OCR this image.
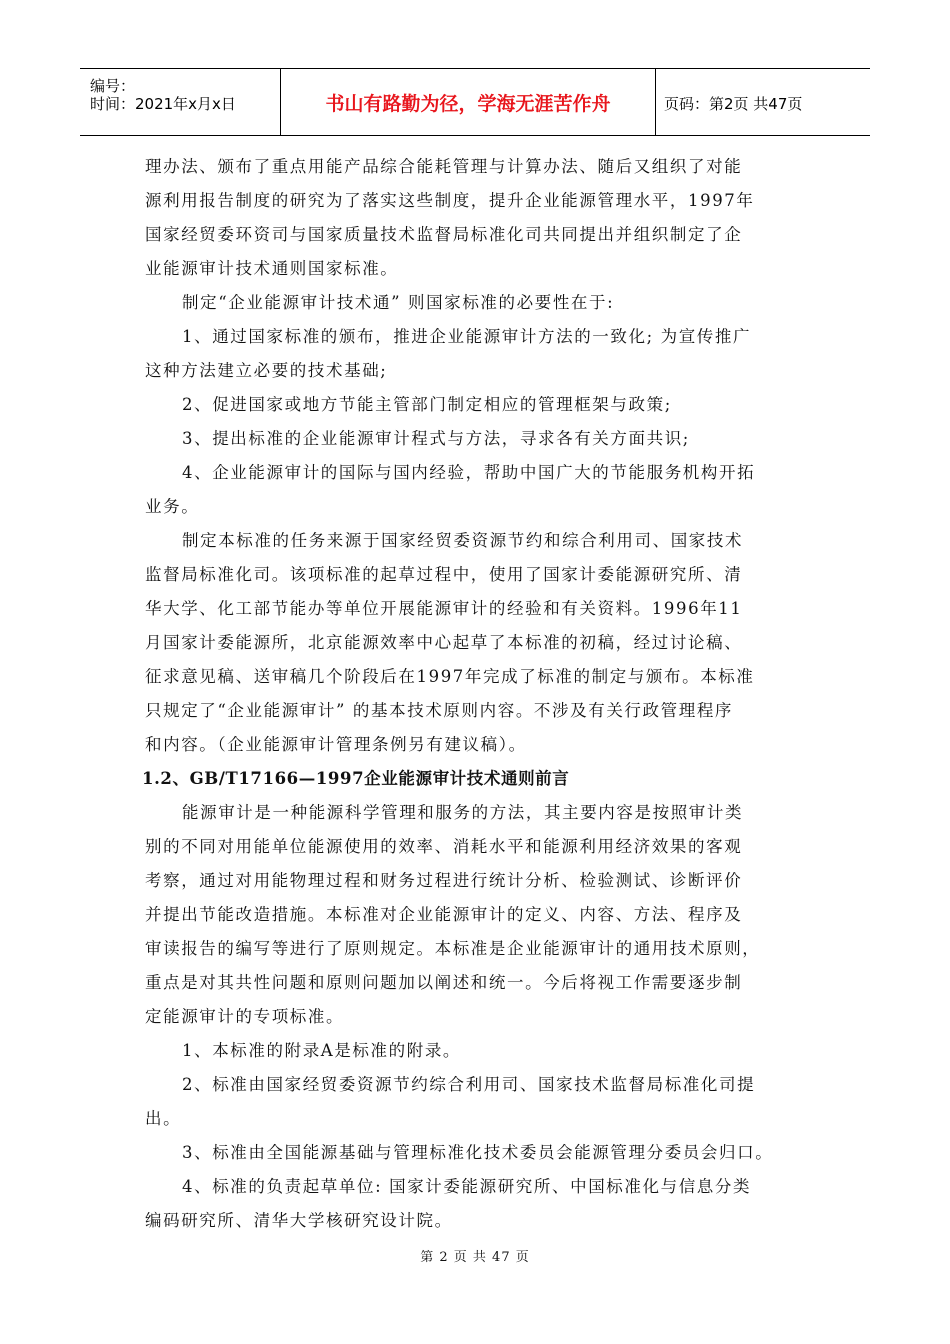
编号：
时间：2021年x月x日	书山有路勤为径，学海无涯苦作舟	页码：第2页 共47页
理办法、颁布了重点用能产品综合能耗管理与计算办法、随后又组织了对能
源利用报告制度的研究为了落实这些制度，提升企业能源管理水平，1997年
国家经贸委环资司与国家质量技术监督局标准化司共同提出并组织制定了企
业能源审计技术通则国家标准。
制定“企业能源审计技术通” 则国家标准的必要性在于:
1、通过国家标准的颁布，推进企业能源审计方法的一致化; 为宣传推广
这种方法建立必要的技术基础;
2、促进国家或地方节能主管部门制定相应的管理框架与政策;
3、提出标准的企业能源审计程式与方法，寻求各有关方面共识;
4、企业能源审计的国际与国内经验，帮助中国广大的节能服务机构开拓
业务。
制定本标准的任务来源于国家经贸委资源节约和综合利用司、国家技术
监督局标准化司。该项标准的起草过程中，使用了国家计委能源研究所、清
华大学、化工部节能办等单位开展能源审计的经验和有关资料。1996年11
月国家计委能源所，北京能源效率中心起草了本标准的初稿，经过讨论稿、
征求意见稿、送审稿几个阶段后在1997年完成了标准的制定与颁布。本标准
只规定了“企业能源审计” 的基本技术原则内容。不涉及有关行政管理程序
和内容。（企业能源审计管理条例另有建议稿）。
1.2、GB/T17166—1997企业能源审计技术通则前言
能源审计是一种能源科学管理和服务的方法，其主要内容是按照审计类
别的不同对用能单位能源使用的效率、消耗水平和能源利用经济效果的客观
考察，通过对用能物理过程和财务过程进行统计分析、检验测试、诊断评价
并提出节能改造措施。本标准对企业能源审计的定义、内容、方法、程序及
审读报告的编写等进行了原则规定。本标准是企业能源审计的通用技术原则，
重点是对其共性问题和原则问题加以阐述和统一。今后将视工作需要逐步制
定能源审计的专项标准。
1、本标准的附录A是标准的附录。
2、标准由国家经贸委资源节约综合利用司、国家技术监督局标准化司提
出。
3、标准由全国能源基础与管理标准化技术委员会能源管理分委员会归口。
4、标准的负责起草单位: 国家计委能源研究所、中国标准化与信息分类
编码研究所、清华大学核研究设计院。
第 2 页 共 47 页
